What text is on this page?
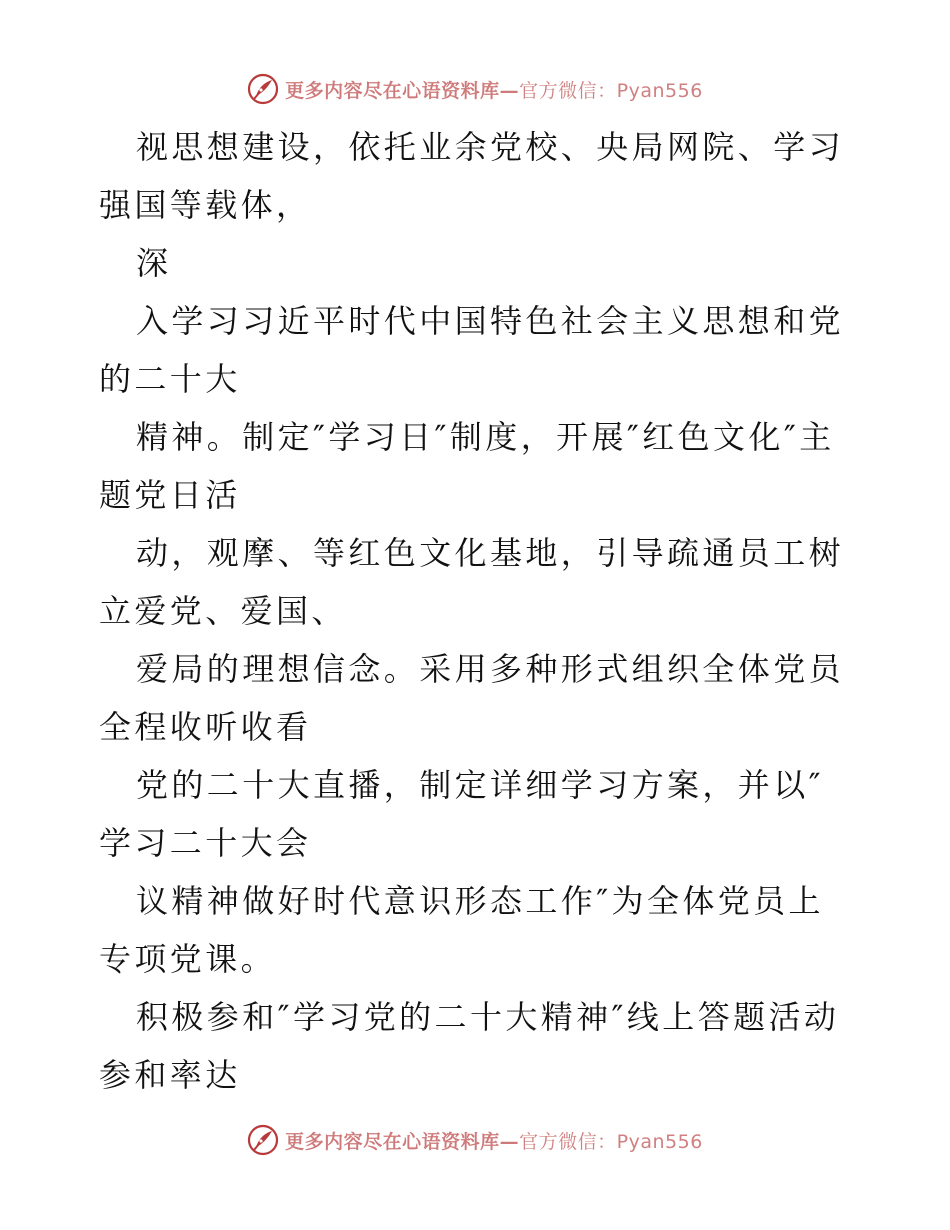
更多内容尽在心语资料库—官方微信：Pyan556

视思想建设，依托业余党校、央局网院、学习强国等载体，

深

入学习习近平时代中国特色社会主义思想和党的二十大

精神。制定″学习日″制度，开展″红色文化″主题党日活

动，观摩、等红色文化基地，引导疏通员工树立爱党、爱国、

爱局的理想信念。采用多种形式组织全体党员全程收听收看

党的二十大直播，制定详细学习方案，并以″学习二十大会

议精神做好时代意识形态工作″为全体党员上专项党课。

积极参和″学习党的二十大精神″线上答题活动参和率达

更多内容尽在心语资料库—官方微信：Pyan556
